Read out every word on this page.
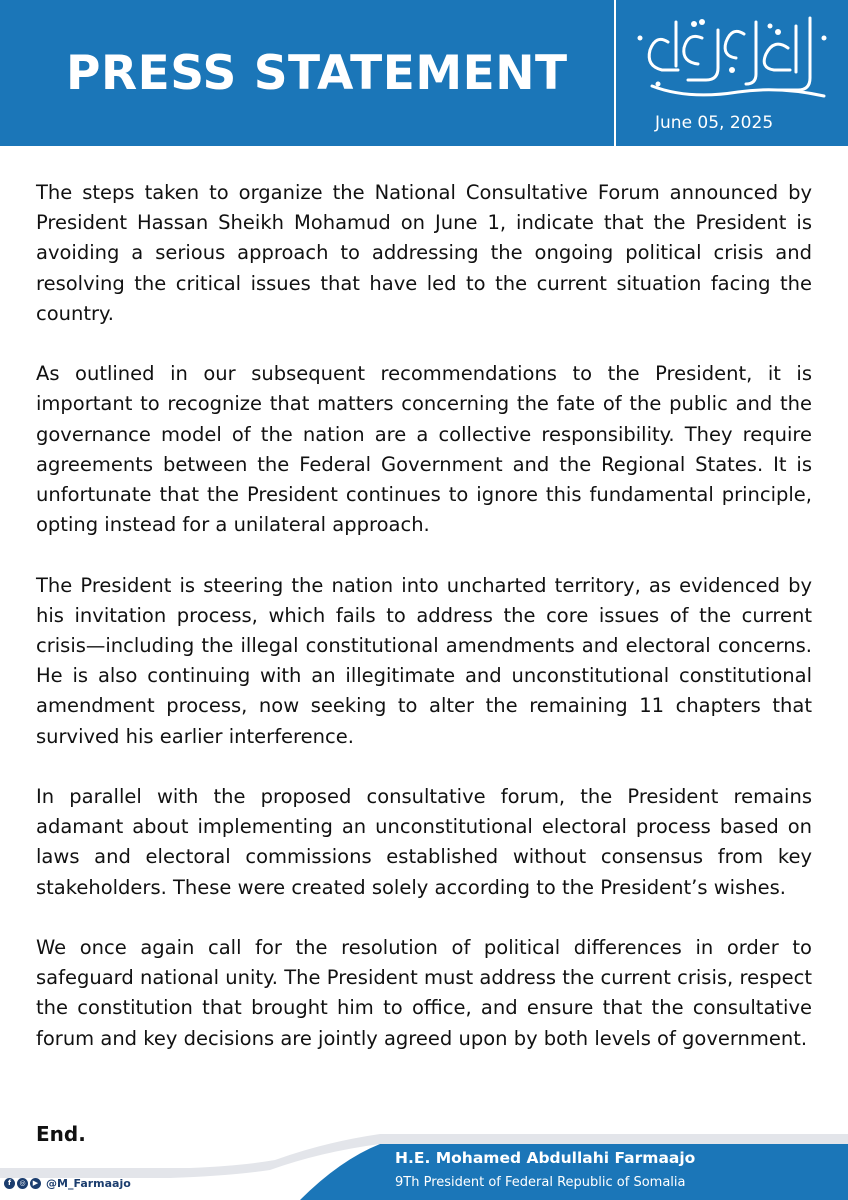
PRESS STATEMENT
June 05, 2025

The steps taken to organize the National Consultative Forum announced by President Hassan Sheikh Mohamud on June 1, indicate that the President is avoiding a serious approach to addressing the ongoing political crisis and resolving the critical issues that have led to the current situation facing the country.

As outlined in our subsequent recommendations to the President, it is important to recognize that matters concerning the fate of the public and the governance model of the nation are a collective responsibility. They require agreements between the Federal Government and the Regional States. It is unfortunate that the President continues to ignore this fundamental principle, opting instead for a unilateral approach.

The President is steering the nation into uncharted territory, as evidenced by his invitation process, which fails to address the core issues of the current crisis—including the illegal constitutional amendments and electoral concerns. He is also continuing with an illegitimate and unconstitutional constitutional amendment process, now seeking to alter the remaining 11 chapters that survived his earlier interference.

In parallel with the proposed consultative forum, the President remains adamant about implementing an unconstitutional electoral process based on laws and electoral commissions established without consensus from key stakeholders. These were created solely according to the President’s wishes.

We once again call for the resolution of political differences in order to safeguard national unity. The President must address the current crisis, respect the constitution that brought him to office, and ensure that the consultative forum and key decisions are jointly agreed upon by both levels of government.

End.
f	◎	▶ @M_Farmaajo
H.E. Mohamed Abdullahi Farmaajo
9Th President of Federal Republic of Somalia
